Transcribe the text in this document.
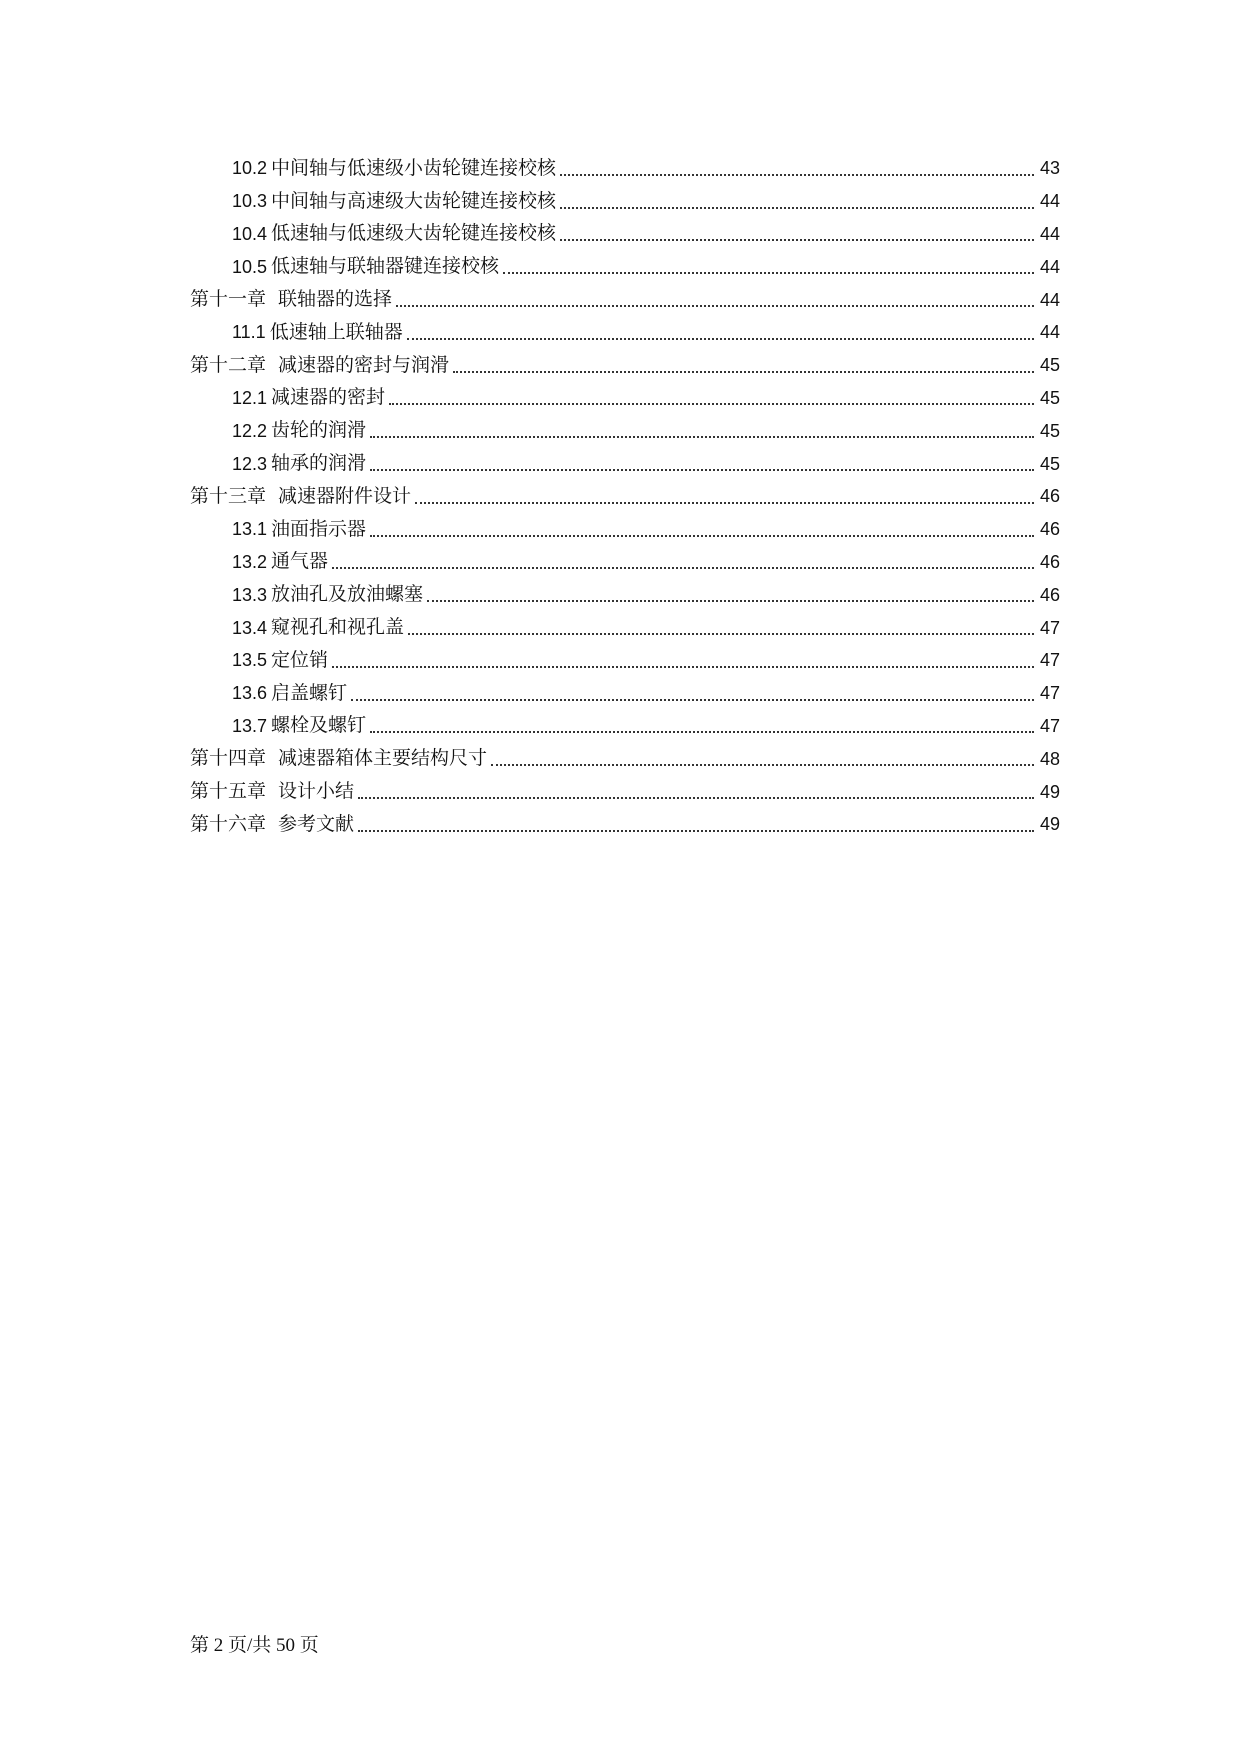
10.2 中间轴与低速级小齿轮键连接校核	43
10.3 中间轴与高速级大齿轮键连接校核	44
10.4 低速轴与低速级大齿轮键连接校核	44
10.5 低速轴与联轴器键连接校核	44
第十一章 联轴器的选择	44
11.1 低速轴上联轴器	44
第十二章 减速器的密封与润滑	45
12.1 减速器的密封	45
12.2 齿轮的润滑	45
12.3 轴承的润滑	45
第十三章 减速器附件设计	46
13.1 油面指示器	46
13.2 通气器	46
13.3 放油孔及放油螺塞	46
13.4 窥视孔和视孔盖	47
13.5 定位销	47
13.6 启盖螺钉	47
13.7 螺栓及螺钉	47
第十四章 减速器箱体主要结构尺寸	48
第十五章 设计小结	49
第十六章 参考文献	49
第 2 页/共 50 页
